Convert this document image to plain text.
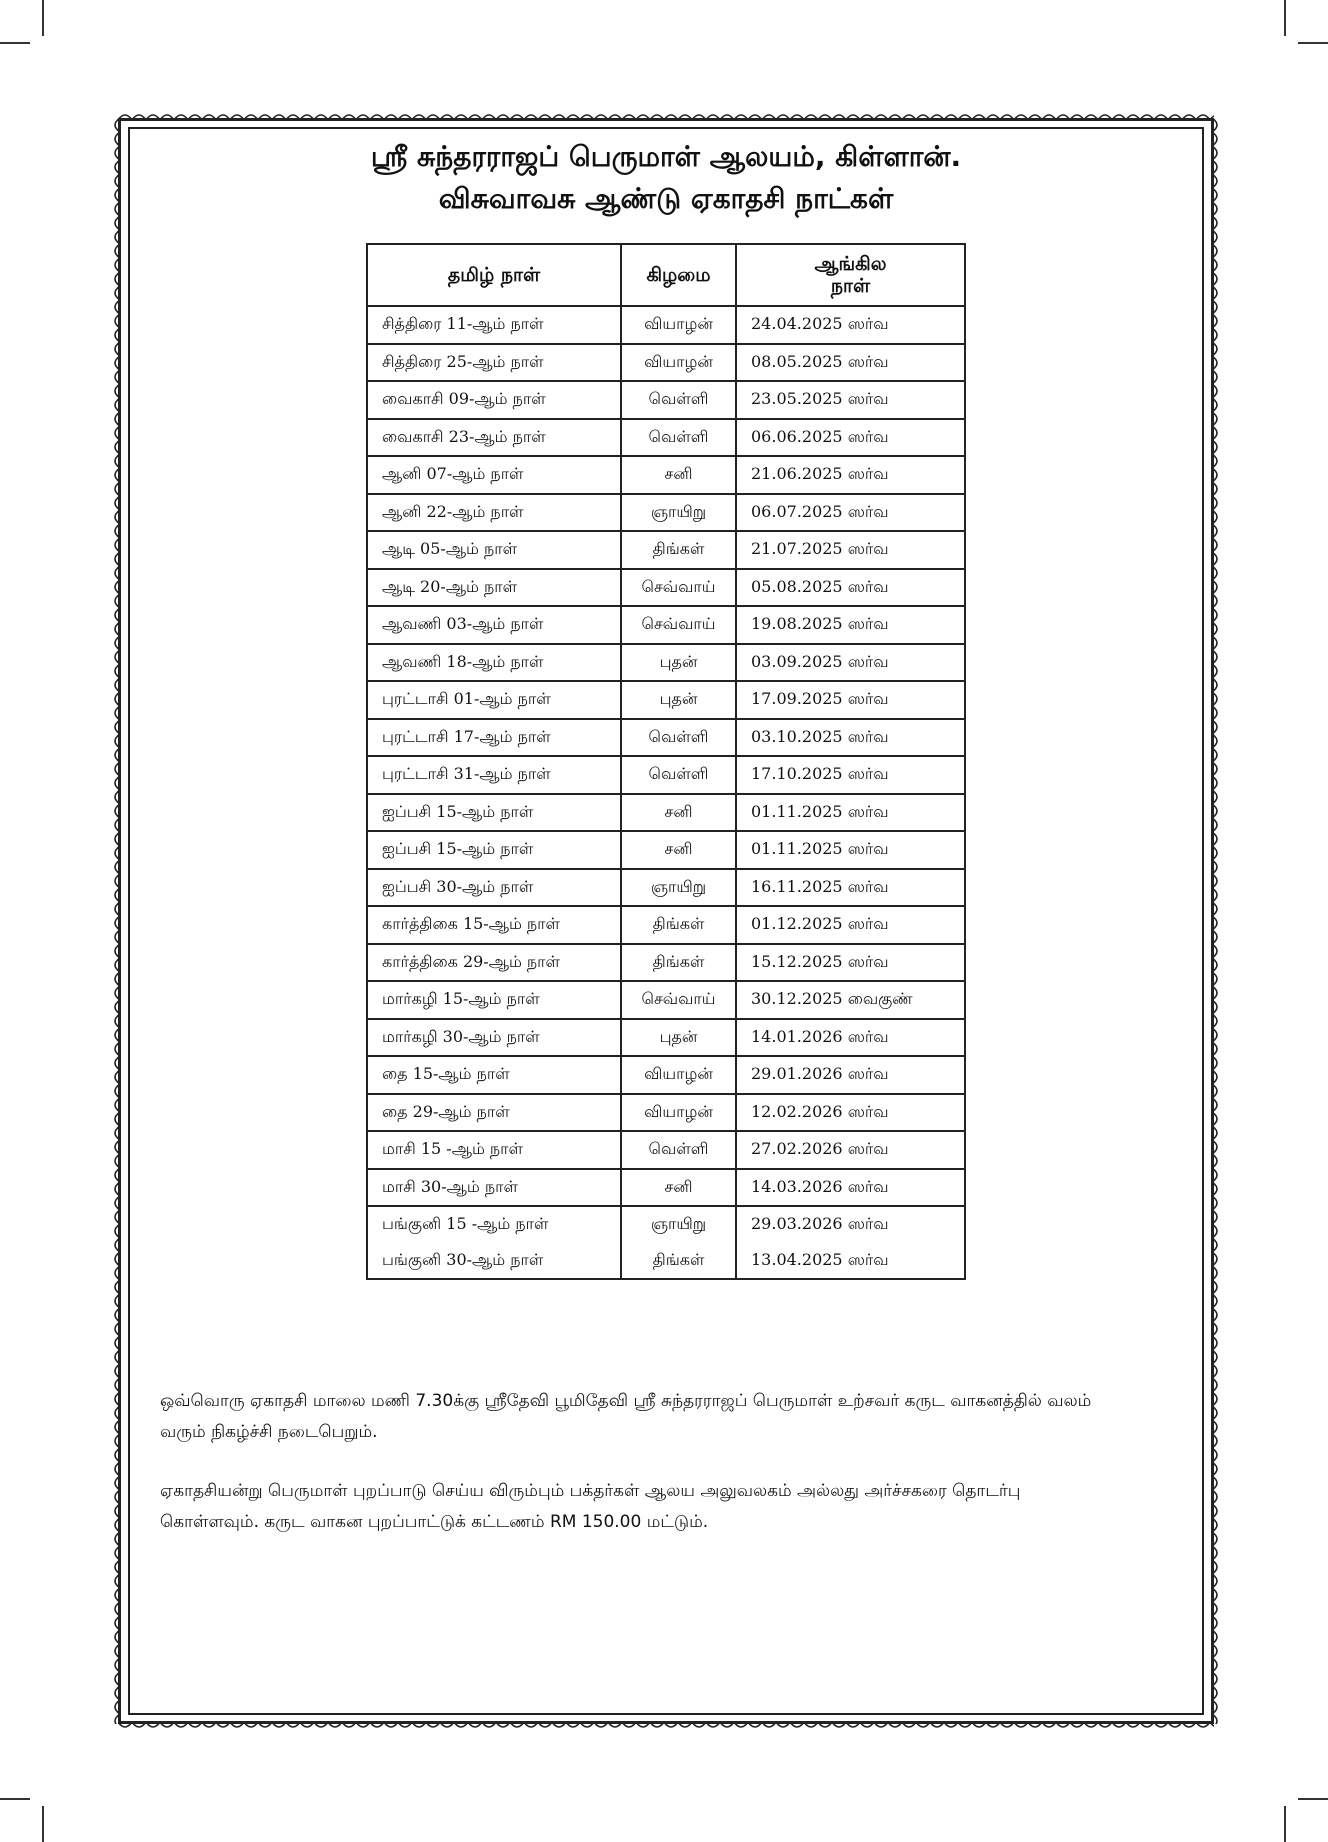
ஸ்ரீ சுந்தரராஜப் பெருமாள் ஆலயம், கிள்ளான்.
விசுவாவசு ஆண்டு ஏகாதசி நாட்கள்
தமிழ் நாள்	கிழமை	ஆங்கில
நாள்
சித்திரை 11-ஆம் நாள்	வியாழன்	24.04.2025 ஸர்வ
சித்திரை 25-ஆம் நாள்	வியாழன்	08.05.2025 ஸர்வ
வைகாசி 09-ஆம் நாள்	வெள்ளி	23.05.2025 ஸர்வ
வைகாசி 23-ஆம் நாள்	வெள்ளி	06.06.2025 ஸர்வ
ஆனி 07-ஆம் நாள்	சனி	21.06.2025 ஸர்வ
ஆனி 22-ஆம் நாள்	ஞாயிறு	06.07.2025 ஸர்வ
ஆடி 05-ஆம் நாள்	திங்கள்	21.07.2025 ஸர்வ
ஆடி 20-ஆம் நாள்	செவ்வாய்	05.08.2025 ஸர்வ
ஆவணி 03-ஆம் நாள்	செவ்வாய்	19.08.2025 ஸர்வ
ஆவணி 18-ஆம் நாள்	புதன்	03.09.2025 ஸர்வ
புரட்டாசி 01-ஆம் நாள்	புதன்	17.09.2025 ஸர்வ
புரட்டாசி 17-ஆம் நாள்	வெள்ளி	03.10.2025 ஸர்வ
புரட்டாசி 31-ஆம் நாள்	வெள்ளி	17.10.2025 ஸர்வ
ஐப்பசி 15-ஆம் நாள்	சனி	01.11.2025 ஸர்வ
ஐப்பசி 15-ஆம் நாள்	சனி	01.11.2025 ஸர்வ
ஐப்பசி 30-ஆம் நாள்	ஞாயிறு	16.11.2025 ஸர்வ
கார்த்திகை 15-ஆம் நாள்	திங்கள்	01.12.2025 ஸர்வ
கார்த்திகை 29-ஆம் நாள்	திங்கள்	15.12.2025 ஸர்வ
மார்கழி 15-ஆம் நாள்	செவ்வாய்	30.12.2025 வைகுண்
மார்கழி 30-ஆம் நாள்	புதன்	14.01.2026 ஸர்வ
தை 15-ஆம் நாள்	வியாழன்	29.01.2026 ஸர்வ
தை 29-ஆம் நாள்	வியாழன்	12.02.2026 ஸர்வ
மாசி 15 -ஆம் நாள்	வெள்ளி	27.02.2026 ஸர்வ
மாசி 30-ஆம் நாள்	சனி	14.03.2026 ஸர்வ
பங்குனி 15 -ஆம் நாள்	ஞாயிறு	29.03.2026 ஸர்வ
பங்குனி 30-ஆம் நாள்	திங்கள்	13.04.2025 ஸர்வ

ஒவ்வொரு ஏகாதசி மாலை மணி 7.30க்கு ஸ்ரீதேவி பூமிதேவி ஸ்ரீ சுந்தரராஜப் பெருமாள் உற்சவர் கருட வாகனத்தில் வலம் வரும் நிகழ்ச்சி நடைபெறும்.

ஏகாதசியன்று பெருமாள் புறப்பாடு செய்ய விரும்பும் பக்தர்கள் ஆலய அலுவலகம் அல்லது அர்ச்சகரை தொடர்பு கொள்ளவும். கருட வாகன புறப்பாட்டுக் கட்டணம் RM 150.00 மட்டும்.
